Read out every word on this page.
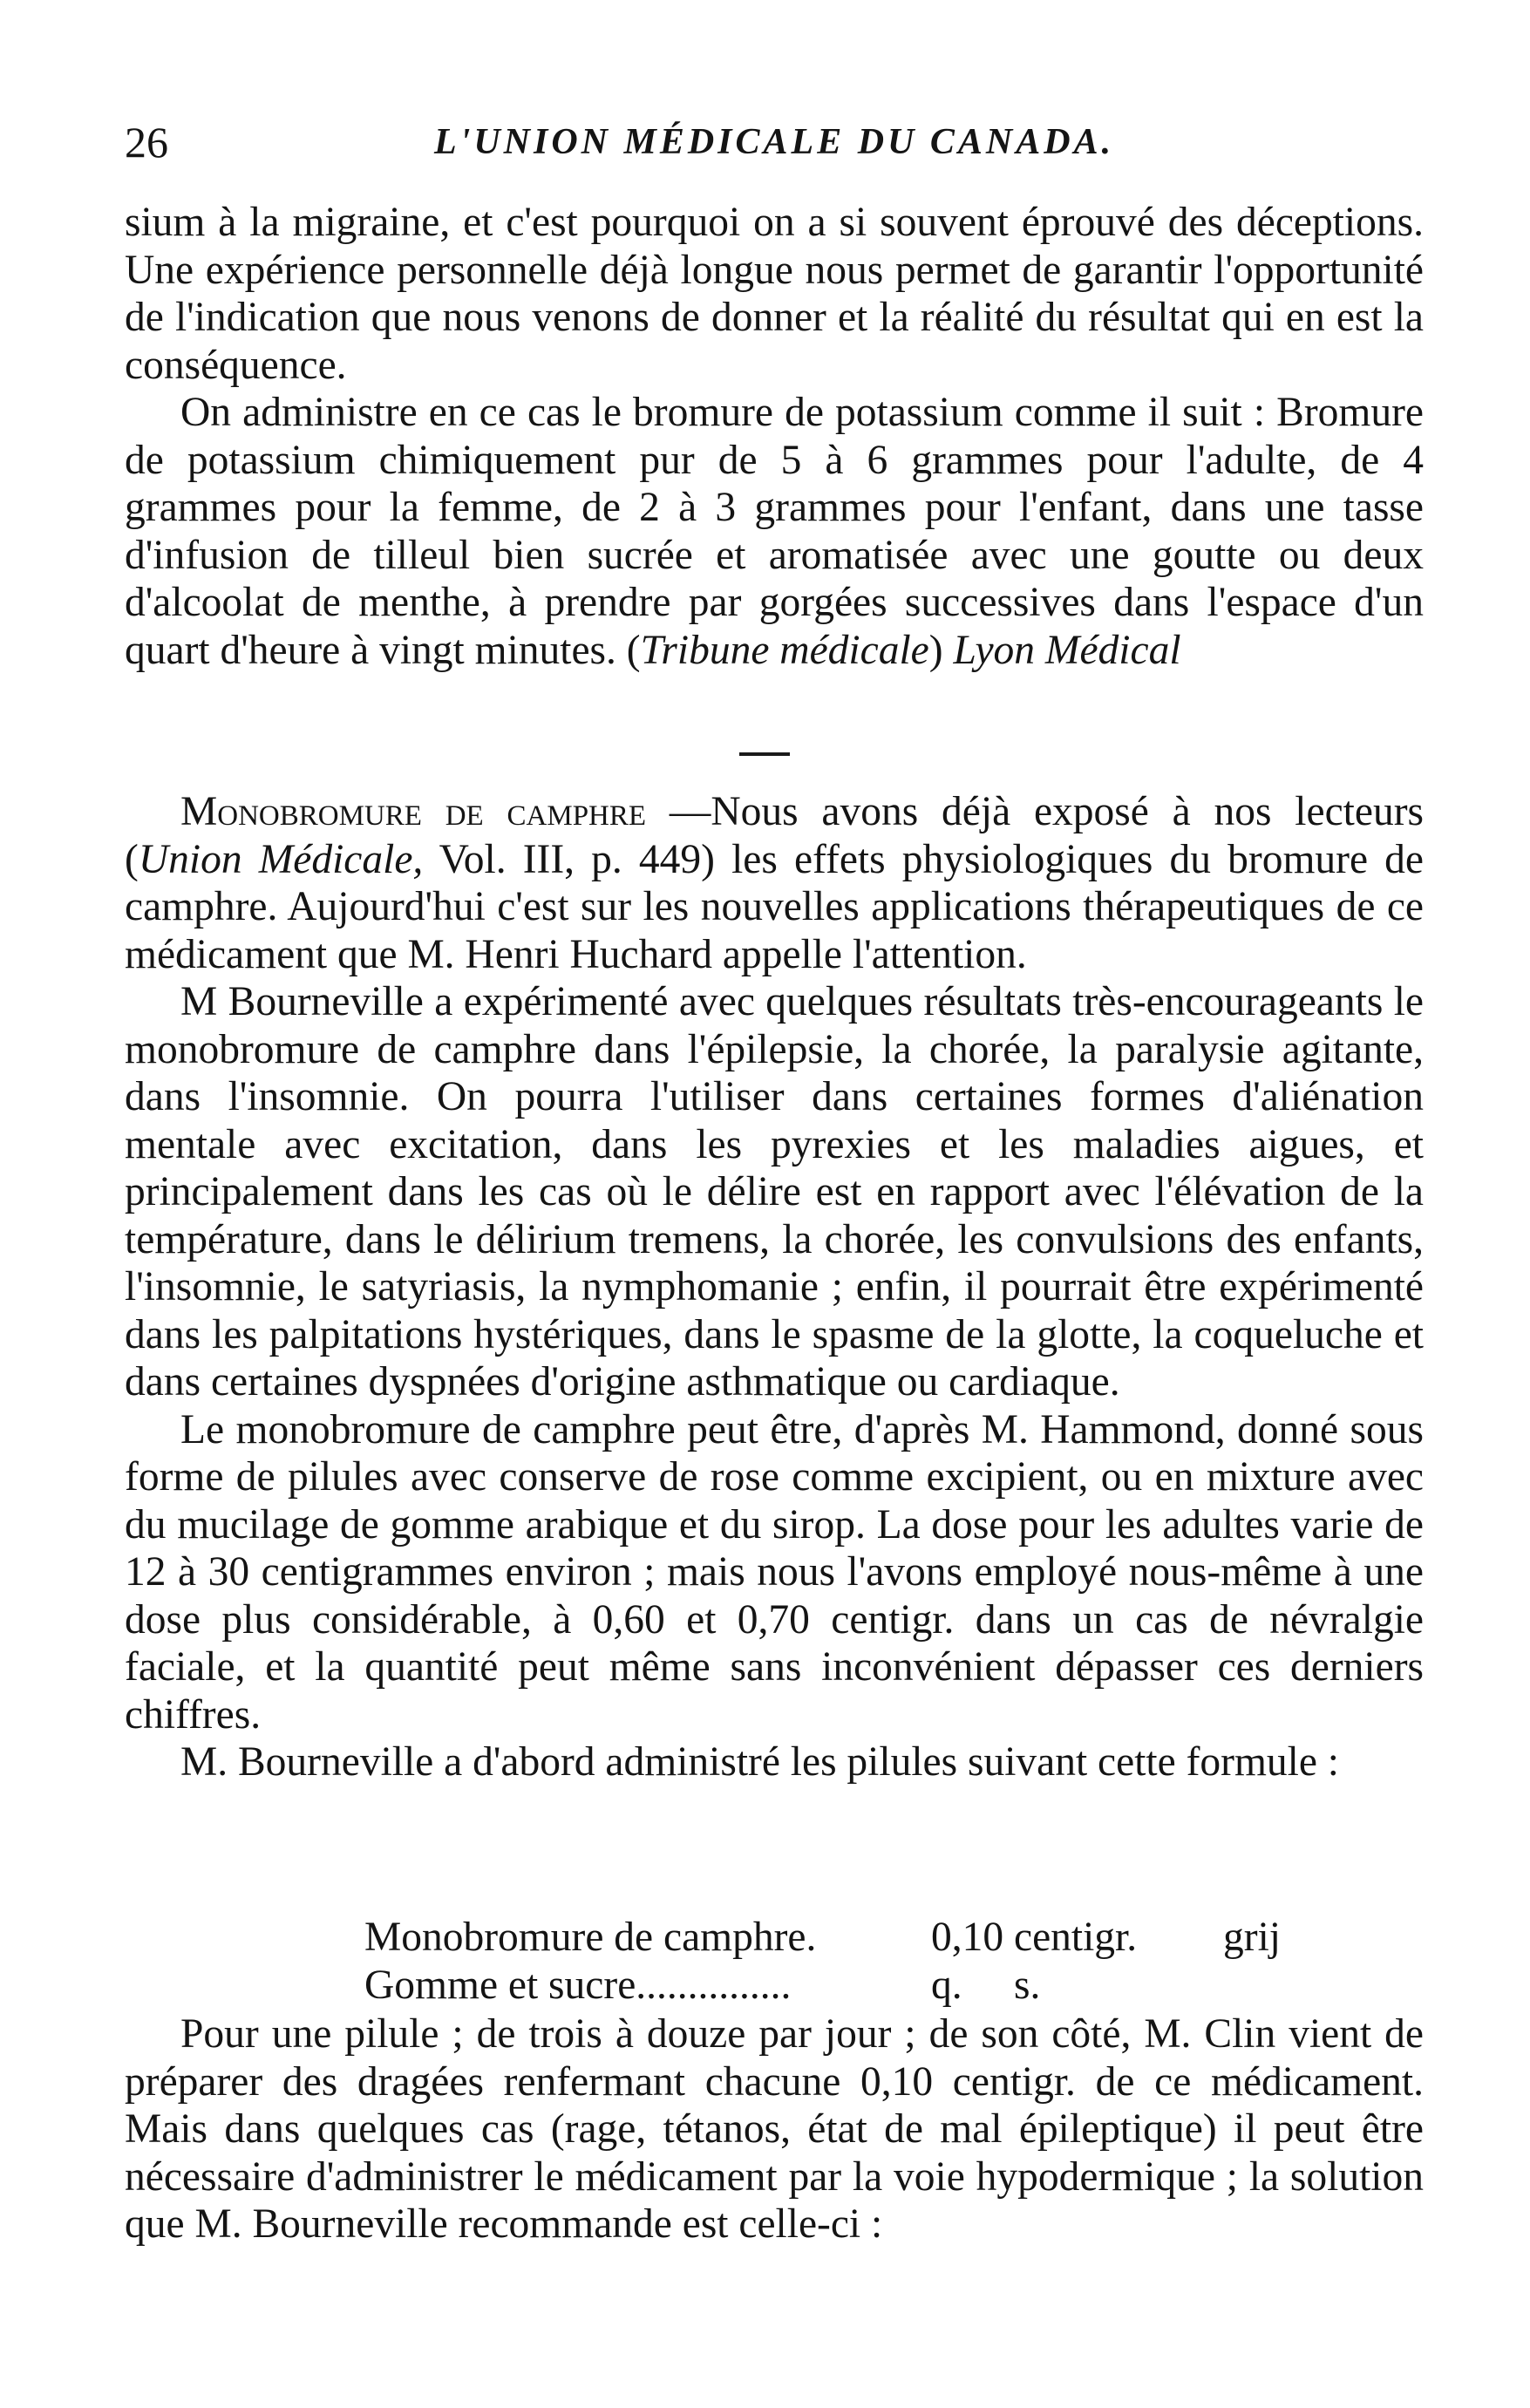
26	L'UNION MÉDICALE DU CANADA.

sium à la migraine, et c'est pourquoi on a si souvent éprouvé des déceptions. Une expérience personnelle déjà longue nous permet de garantir l'opportunité de l'indication que nous venons de donner et la réalité du résultat qui en est la conséquence.

On administre en ce cas le bromure de potassium comme il suit : Bromure de potassium chimiquement pur de 5 à 6 grammes pour l'adulte, de 4 grammes pour la femme, de 2 à 3 grammes pour l'enfant, dans une tasse d'infusion de tilleul bien sucrée et aromatisée avec une goutte ou deux d'alcoolat de menthe, à prendre par gorgées successives dans l'espace d'un quart d'heure à vingt minutes. (Tribune médicale) Lyon Médical

Monobromure de camphre —Nous avons déjà exposé à nos lecteurs (Union Médicale, Vol. III, p. 449) les effets physiologiques du bromure de camphre. Aujourd'hui c'est sur les nouvelles applications thérapeutiques de ce médicament que M. Henri Huchard appelle l'attention.

M Bourneville a expérimenté avec quelques résultats très-encourageants le monobromure de camphre dans l'épilepsie, la chorée, la paralysie agitante, dans l'insomnie. On pourra l'utiliser dans certaines formes d'aliénation mentale avec excitation, dans les pyrexies et les maladies aigues, et principalement dans les cas où le délire est en rapport avec l'élévation de la température, dans le délirium tremens, la chorée, les convulsions des enfants, l'insomnie, le satyriasis, la nymphomanie ; enfin, il pourrait être expérimenté dans les palpitations hystériques, dans le spasme de la glotte, la coqueluche et dans certaines dyspnées d'origine asthmatique ou cardiaque.

Le monobromure de camphre peut être, d'après M. Hammond, donné sous forme de pilules avec conserve de rose comme excipient, ou en mixture avec du mucilage de gomme arabique et du sirop. La dose pour les adultes varie de 12 à 30 centigrammes environ ; mais nous l'avons employé nous-même à une dose plus considérable, à 0,60 et 0,70 centigr. dans un cas de névralgie faciale, et la quantité peut même sans inconvénient dépasser ces derniers chiffres.

M. Bourneville a d'abord administré les pilules suivant cette formule :

Monobromure de camphre.	0,10 centigr. grij
Gomme et sucre...............	q. s.

Pour une pilule ; de trois à douze par jour ; de son côté, M. Clin vient de préparer des dragées renfermant chacune 0,10 centigr. de ce médicament. Mais dans quelques cas (rage, tétanos, état de mal épileptique) il peut être nécessaire d'administrer le médicament par la voie hypodermique ; la solution que M. Bourneville recommande est celle-ci :
